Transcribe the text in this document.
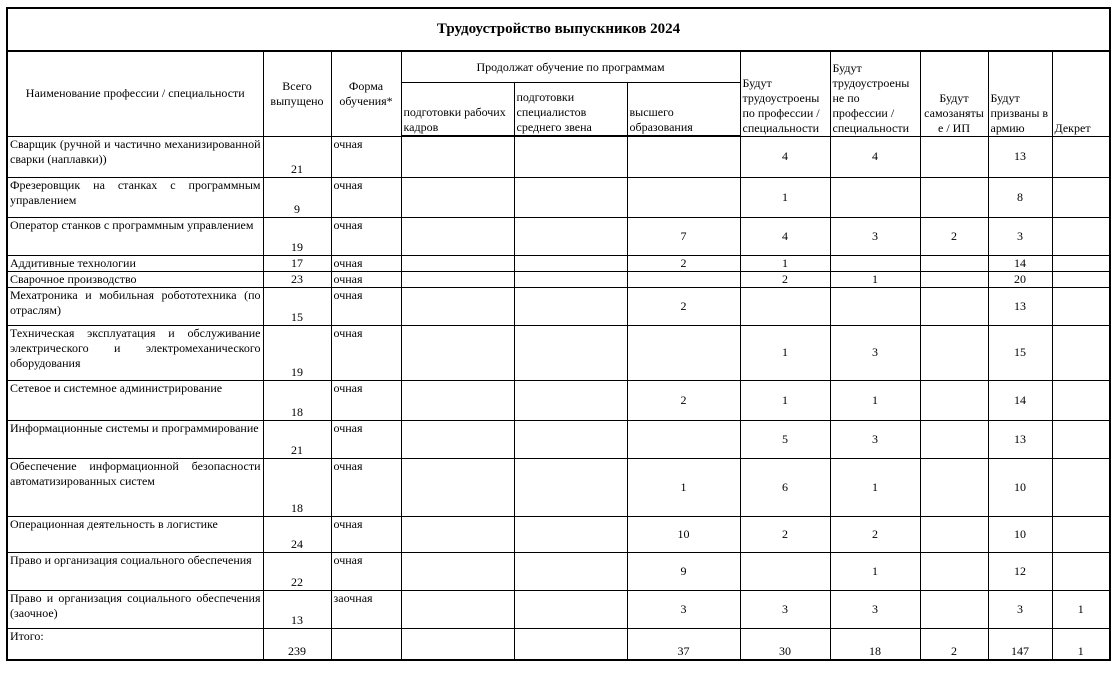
Трудоустройство выпускников 2024										
Наименование профессии / специальности	Всего выпущено	Форма обучения*	Продолжат обучение по программам			Будут трудоустроены по профессии / специальности	Будут трудоустроены не по профессии / специальности	Будут самозаняты е / ИП	Будут призваны в армию	Декрет
			подготовки рабочих кадров	подготовки специалистов среднего звена	высшего образования					
Сварщик (ручной и частично механизированной сварки (наплавки))	21	очная				4	4		13	
Фрезеровщик на станках с программным управлением	9	очная				1			8	
Оператор станков с программным управлением	19	очная			7	4	3	2	3	
Аддитивные технологии	17	очная			2	1			14	
Сварочное производство	23	очная				2	1		20	
Мехатроника и мобильная робототехника (по отраслям)	15	очная			2				13	
Техническая эксплуатация и обслуживание электрического и электромеханического оборудования	19	очная				1	3		15	
Сетевое и системное администрирование	18	очная			2	1	1		14	
Информационные системы и программирование	21	очная				5	3		13	
Обеспечение информационной безопасности автоматизированных систем	18	очная			1	6	1		10	
Операционная деятельность в логистике	24	очная			10	2	2		10	
Право и организация социального обеспечения	22	очная			9		1		12	
Право и организация социального обеспечения (заочное)	13	заочная			3	3	3		3	1
Итого:	239				37	30	18	2	147	1
